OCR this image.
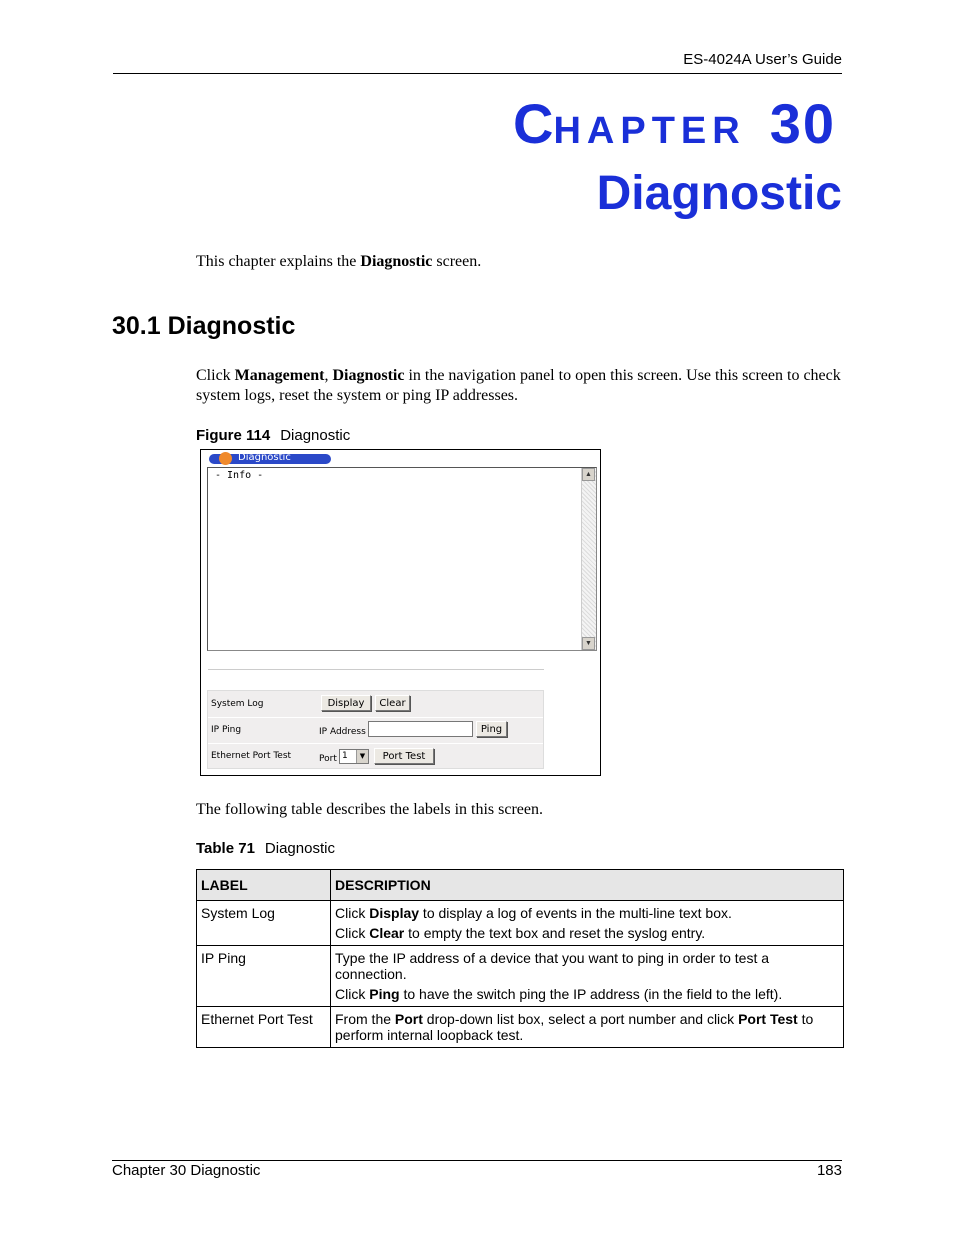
ES-4024A User’s Guide
CHAPTER 30
Diagnostic
This chapter explains the Diagnostic screen.
30.1 Diagnostic
Click Management, Diagnostic in the navigation panel to open this screen. Use this screen to check system logs, reset the system or ping IP addresses.
Figure 114 Diagnostic
Diagnostic
- Info -	▲
▼
System Log	Display	Clear
IP Ping	IP Address	Ping
Ethernet Port Test	Port 1	▼	Port Test
The following table describes the labels in this screen.
Table 71 Diagnostic
LABEL	DESCRIPTION
System Log	Click Display to display a log of events in the multi-line text box.

Click Clear to empty the text box and reset the syslog entry.

IP Ping	Type the IP address of a device that you want to ping in order to test a connection.

Click Ping to have the switch ping the IP address (in the field to the left).

Ethernet Port Test	From the Port drop-down list box, select a port number and click Port Test to perform internal loopback test.

Chapter 30 Diagnostic	183
